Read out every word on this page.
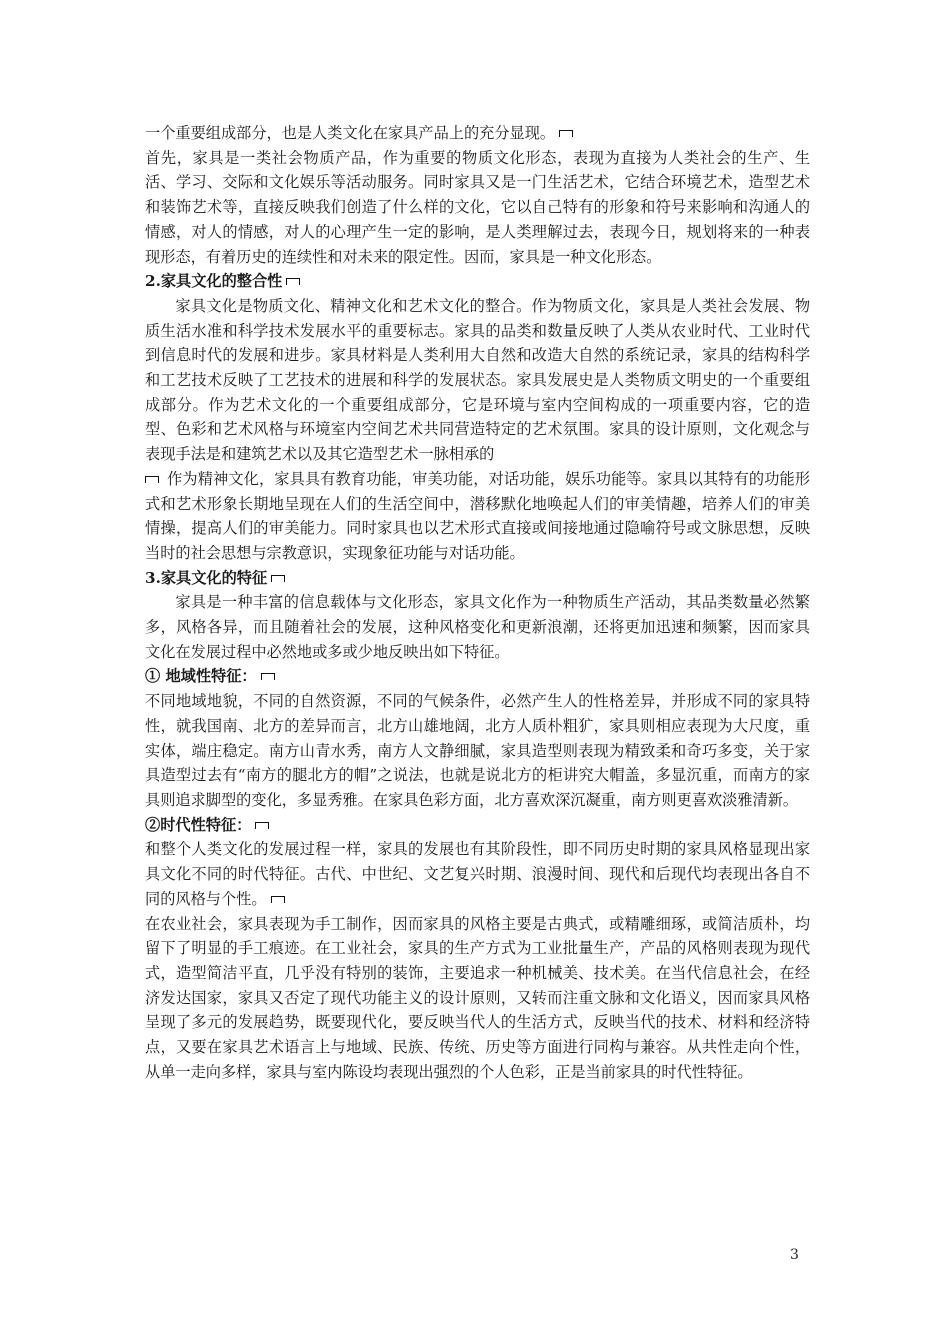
一个重要组成部分，也是人类文化在家具产品上的充分显现。

首先，家具是一类社会物质产品，作为重要的物质文化形态，表现为直接为人类社会的生产、生活、学习、交际和文化娱乐等活动服务。同时家具又是一门生活艺术，它结合环境艺术，造型艺术和装饰艺术等，直接反映我们创造了什么样的文化，它以自己特有的形象和符号来影响和沟通人的情感，对人的情感，对人的心理产生一定的影响，是人类理解过去，表现今日，规划将来的一种表现形态，有着历史的连续性和对未来的限定性。因而，家具是一种文化形态。

2.家具文化的整合性

家具文化是物质文化、精神文化和艺术文化的整合。作为物质文化，家具是人类社会发展、物质生活水准和科学技术发展水平的重要标志。家具的品类和数量反映了人类从农业时代、工业时代到信息时代的发展和进步。家具材料是人类利用大自然和改造大自然的系统记录，家具的结构科学和工艺技术反映了工艺技术的进展和科学的发展状态。家具发展史是人类物质文明史的一个重要组成部分。作为艺术文化的一个重要组成部分，它是环境与室内空间构成的一项重要内容，它的造型、色彩和艺术风格与环境室内空间艺术共同营造特定的艺术氛围。家具的设计原则，文化观念与表现手法是和建筑艺术以及其它造型艺术一脉相承的
作为精神文化，家具具有教育功能，审美功能，对话功能，娱乐功能等。家具以其特有的功能形式和艺术形象长期地呈现在人们的生活空间中，潜移默化地唤起人们的审美情趣，培养人们的审美情操，提高人们的审美能力。同时家具也以艺术形式直接或间接地通过隐喻符号或文脉思想，反映当时的社会思想与宗教意识，实现象征功能与对话功能。

3.家具文化的特征

家具是一种丰富的信息载体与文化形态，家具文化作为一种物质生产活动，其品类数量必然繁多，风格各异，而且随着社会的发展，这种风格变化和更新浪潮，还将更加迅速和频繁，因而家具文化在发展过程中必然地或多或少地反映出如下特征。

① 地域性特征：

不同地域地貌，不同的自然资源，不同的气候条件，必然产生人的性格差异，并形成不同的家具特性，就我国南、北方的差异而言，北方山雄地阔，北方人质朴粗犷，家具则相应表现为大尺度，重实体，端庄稳定。南方山青水秀，南方人文静细腻，家具造型则表现为精致柔和奇巧多变，关于家具造型过去有“南方的腿北方的帽”之说法，也就是说北方的柜讲究大帽盖，多显沉重，而南方的家具则追求脚型的变化，多显秀雅。在家具色彩方面，北方喜欢深沉凝重，南方则更喜欢淡雅清新。

②时代性特征：

和整个人类文化的发展过程一样，家具的发展也有其阶段性，即不同历史时期的家具风格显现出家具文化不同的时代特征。古代、中世纪、文艺复兴时期、浪漫时间、现代和后现代均表现出各自不同的风格与个性。

在农业社会，家具表现为手工制作，因而家具的风格主要是古典式，或精雕细琢，或简洁质朴，均留下了明显的手工痕迹。在工业社会，家具的生产方式为工业批量生产，产品的风格则表现为现代式，造型简洁平直，几乎没有特别的装饰，主要追求一种机械美、技术美。在当代信息社会，在经济发达国家，家具又否定了现代功能主义的设计原则，又转而注重文脉和文化语义，因而家具风格呈现了多元的发展趋势，既要现代化，要反映当代人的生活方式，反映当代的技术、材料和经济特点，又要在家具艺术语言上与地域、民族、传统、历史等方面进行同构与兼容。从共性走向个性，从单一走向多样，家具与室内陈设均表现出强烈的个人色彩，正是当前家具的时代性特征。

3
